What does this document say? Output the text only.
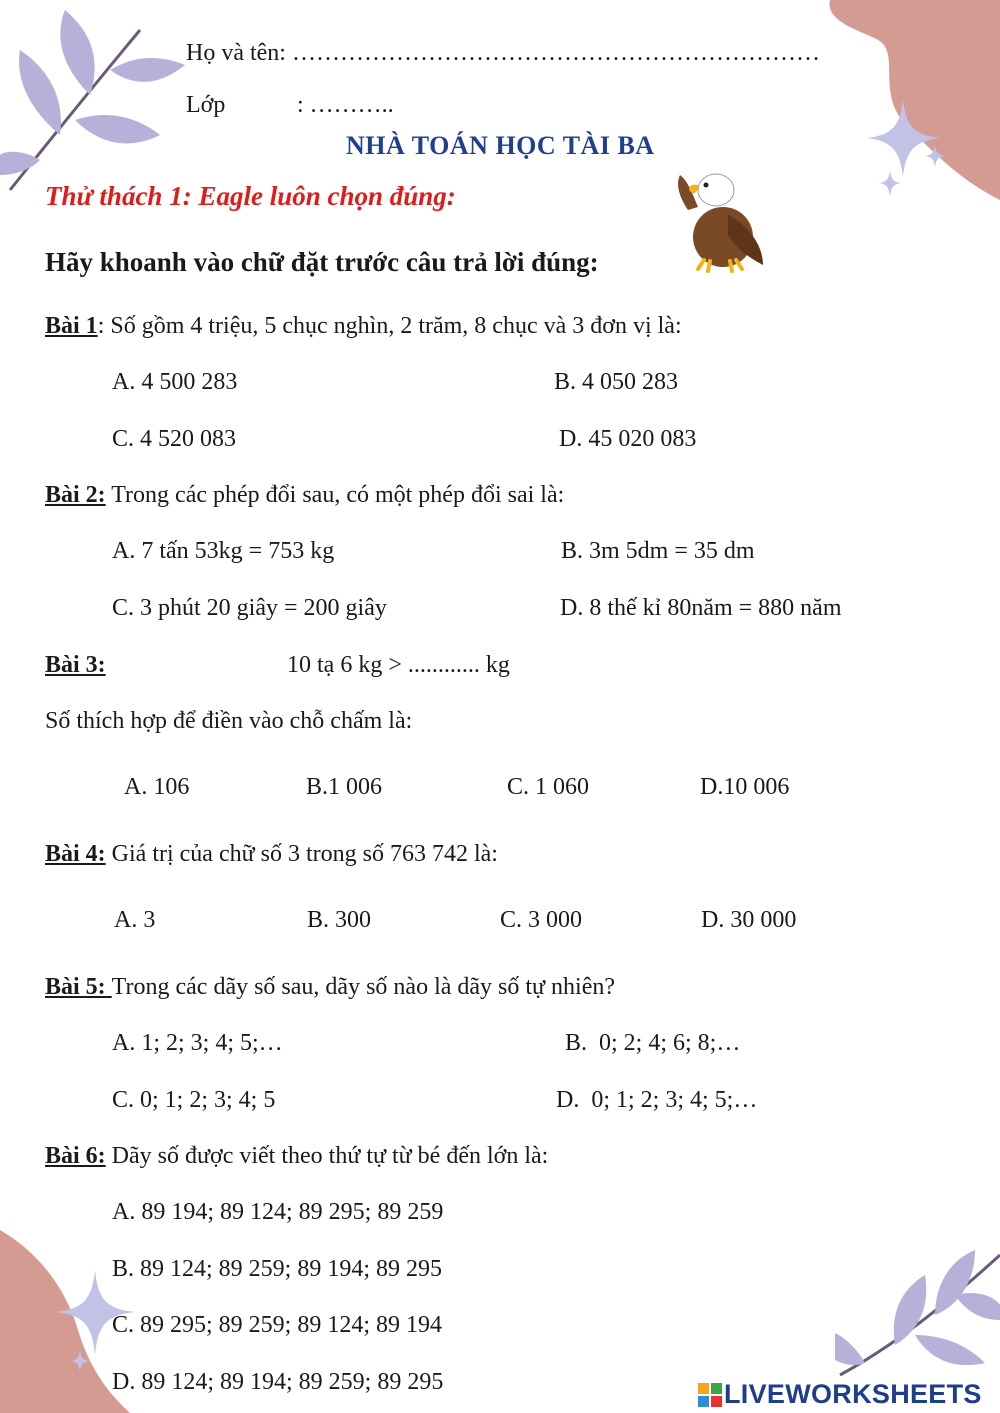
Họ và tên: …………………………………………………………
Lớp	: ………..
NHÀ TOÁN HỌC TÀI BA
Thử thách 1: Eagle luôn chọn đúng:
Hãy khoanh vào chữ đặt trước câu trả lời đúng:
Bài 1: Số gồm 4 triệu, 5 chục nghìn, 2 trăm, 8 chục và 3 đơn vị là:
A. 4 500 283	B. 4 050 283
C. 4 520 083	D. 45 020 083
Bài 2: Trong các phép đổi sau, có một phép đổi sai là:
A. 7 tấn 53kg = 753 kg	B. 3m 5dm = 35 dm
C. 3 phút 20 giây = 200 giây	D. 8 thế kỉ 80năm = 880 năm
Bài 3:	10 tạ 6 kg > ............ kg
Số thích hợp để điền vào chỗ chấm là:
A. 106	B.1 006	C. 1 060	D.10 006
Bài 4: Giá trị của chữ số 3 trong số 763 742 là:
A. 3	B. 300	C. 3 000	D. 30 000
Bài 5: Trong các dãy số sau, dãy số nào là dãy số tự nhiên?
A. 1; 2; 3; 4; 5;…	B.  0; 2; 4; 6; 8;…
C. 0; 1; 2; 3; 4; 5	D.  0; 1; 2; 3; 4; 5;…
Bài 6: Dãy số được viết theo thứ tự từ bé đến lớn là:
A. 89 194; 89 124; 89 295; 89 259
B. 89 124; 89 259; 89 194; 89 295
C. 89 295; 89 259; 89 124; 89 194
D. 89 124; 89 194; 89 259; 89 295	LIVEWORKSHEETS
